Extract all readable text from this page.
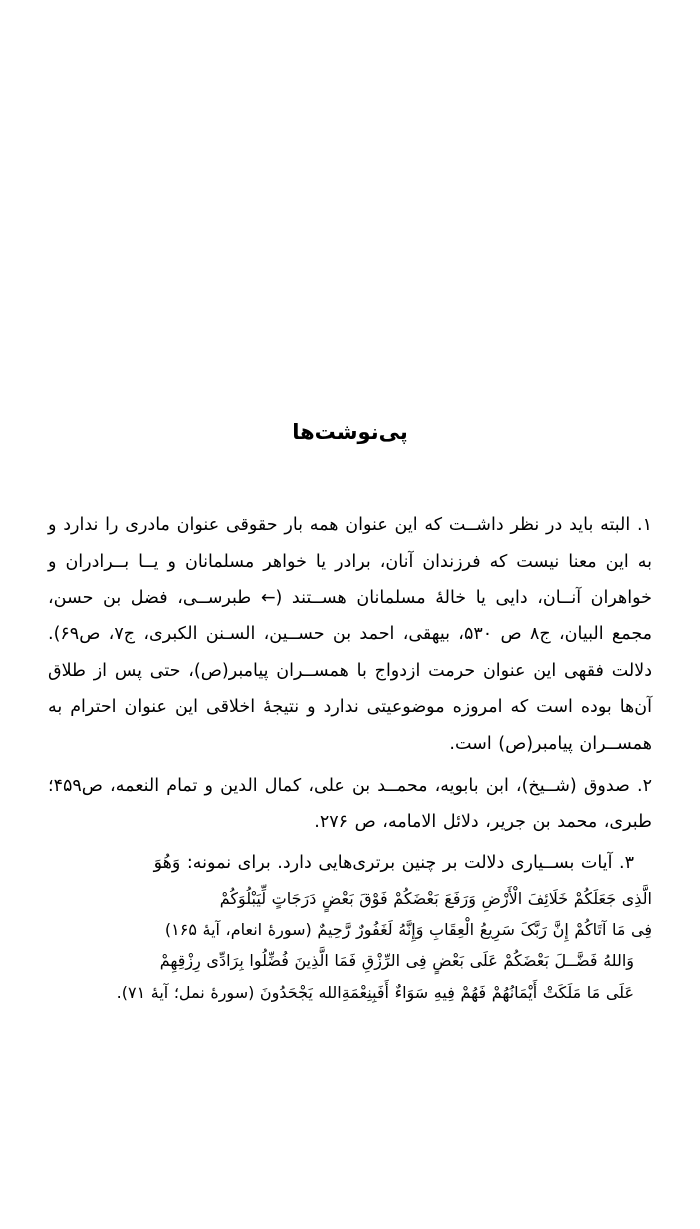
پی‌نوشت‌ها

۱. البته باید در نظر داشــت که این عنوان همه بار حقوقی عنوان مادری را ندارد و به این معنا نیست که فرزندان آنان، برادر یا خواهر مسلمانان و یــا بــرادران و خواهران آنــان، دایی یا خالهٔ مسلمانان هســتند (← طبرســی، فضل بن حسن، مجمع البیان، ج۸ ص ۵۳۰، بیهقی، احمد بن حســین، السـنن الکبری، ج۷، ص۶۹). دلالت فقهی این عنوان حرمت ازدواج با همســران پیامبر(ص)، حتی پس از طلاق آن‌ها بوده است که امروزه موضوعیتی ندارد و نتیجهٔ اخلاقی این عنوان احترام به همســران پیامبر(ص) است.

۲. صدوق (شــیخ)، ابن بابویه، محمــد بن علی، کمال الدین و تمام النعمه، ص۴۵۹؛ طبری، محمد بن جریر، دلائل الامامه، ص ۲۷۶.

۳. آیات بســیاری دلالت بر چنین برتری‌هایی دارد. برای نمونه: وَهُوَ

الَّذِی جَعَلَکُمْ خَلَائِفَ الْأَرْضِ وَرَفَعَ بَعْضَکُمْ فَوْقَ بَعْضٍ دَرَجَاتٍ لِّیَبْلُوَکُمْ
فِی مَا آتَاکُمْ إِنَّ رَبَّکَ سَرِیعُ الْعِقَابِ وَإِنَّهُ لَغَفُورٌ رَّحِیمٌ (سورهٔ انعام، آیهٔ ۱۶۵)

وَاللهُ فَضَّــلَ بَعْضَکُمْ عَلَی بَعْضٍ فِی الرِّزْقِ فَمَا الَّذِینَ فُضِّلُوا بِرَادِّی رِزْقِهِمْ
عَلَی مَا مَلَکَتْ أَیْمَانُهُمْ فَهُمْ فِیهِ سَوَاءٌ أَفَبِنِعْمَةِ‌الله یَجْحَدُونَ (سورهٔ نمل؛ آیهٔ ۷۱).
